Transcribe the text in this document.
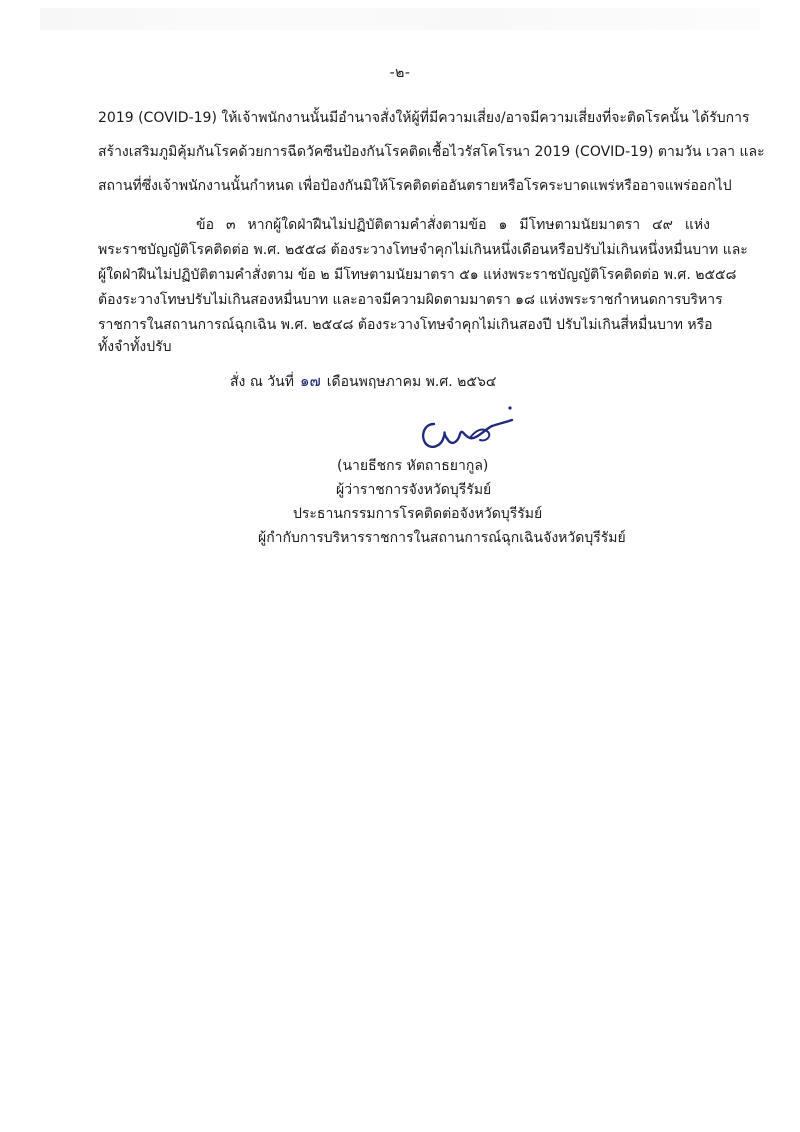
-๒-
2019 (COVID-19) ให้เจ้าพนักงานนั้นมีอำนาจสั่งให้ผู้ที่มีความเสี่ยง/อาจมีความเสี่ยงที่จะติดโรคนั้น ได้รับการ
สร้างเสริมภูมิคุ้มกันโรคด้วยการฉีดวัคซีนป้องกันโรคติดเชื้อไวรัสโคโรนา 2019 (COVID-19) ตามวัน เวลา และ
สถานที่ซึ่งเจ้าพนักงานนั้นกำหนด เพื่อป้องกันมิให้โรคติดต่ออันตรายหรือโรคระบาดแพร่หรืออาจแพร่ออกไป
ข้อ ๓ หากผู้ใดฝ่าฝืนไม่ปฏิบัติตามคำสั่งตามข้อ ๑ มีโทษตามนัยมาตรา ๔๙ แห่ง
พระราชบัญญัติโรคติดต่อ พ.ศ. ๒๕๕๘ ต้องระวางโทษจำคุกไม่เกินหนึ่งเดือนหรือปรับไม่เกินหนึ่งหมื่นบาท และ
ผู้ใดฝ่าฝืนไม่ปฏิบัติตามคำสั่งตาม ข้อ ๒ มีโทษตามนัยมาตรา ๕๑ แห่งพระราชบัญญัติโรคติดต่อ พ.ศ. ๒๕๕๘
ต้องระวางโทษปรับไม่เกินสองหมื่นบาท และอาจมีความผิดตามมาตรา ๑๘ แห่งพระราชกำหนดการบริหาร
ราชการในสถานการณ์ฉุกเฉิน พ.ศ. ๒๕๔๘ ต้องระวางโทษจำคุกไม่เกินสองปี ปรับไม่เกินสี่หมื่นบาท หรือ
ทั้งจำทั้งปรับ
สั่ง ณ วันที่ ๑๗ เดือนพฤษภาคม พ.ศ. ๒๕๖๔
(นายธีชกร หัตถาธยากูล)
ผู้ว่าราชการจังหวัดบุรีรัมย์
ประธานกรรมการโรคติดต่อจังหวัดบุรีรัมย์
ผู้กำกับการบริหารราชการในสถานการณ์ฉุกเฉินจังหวัดบุรีรัมย์
